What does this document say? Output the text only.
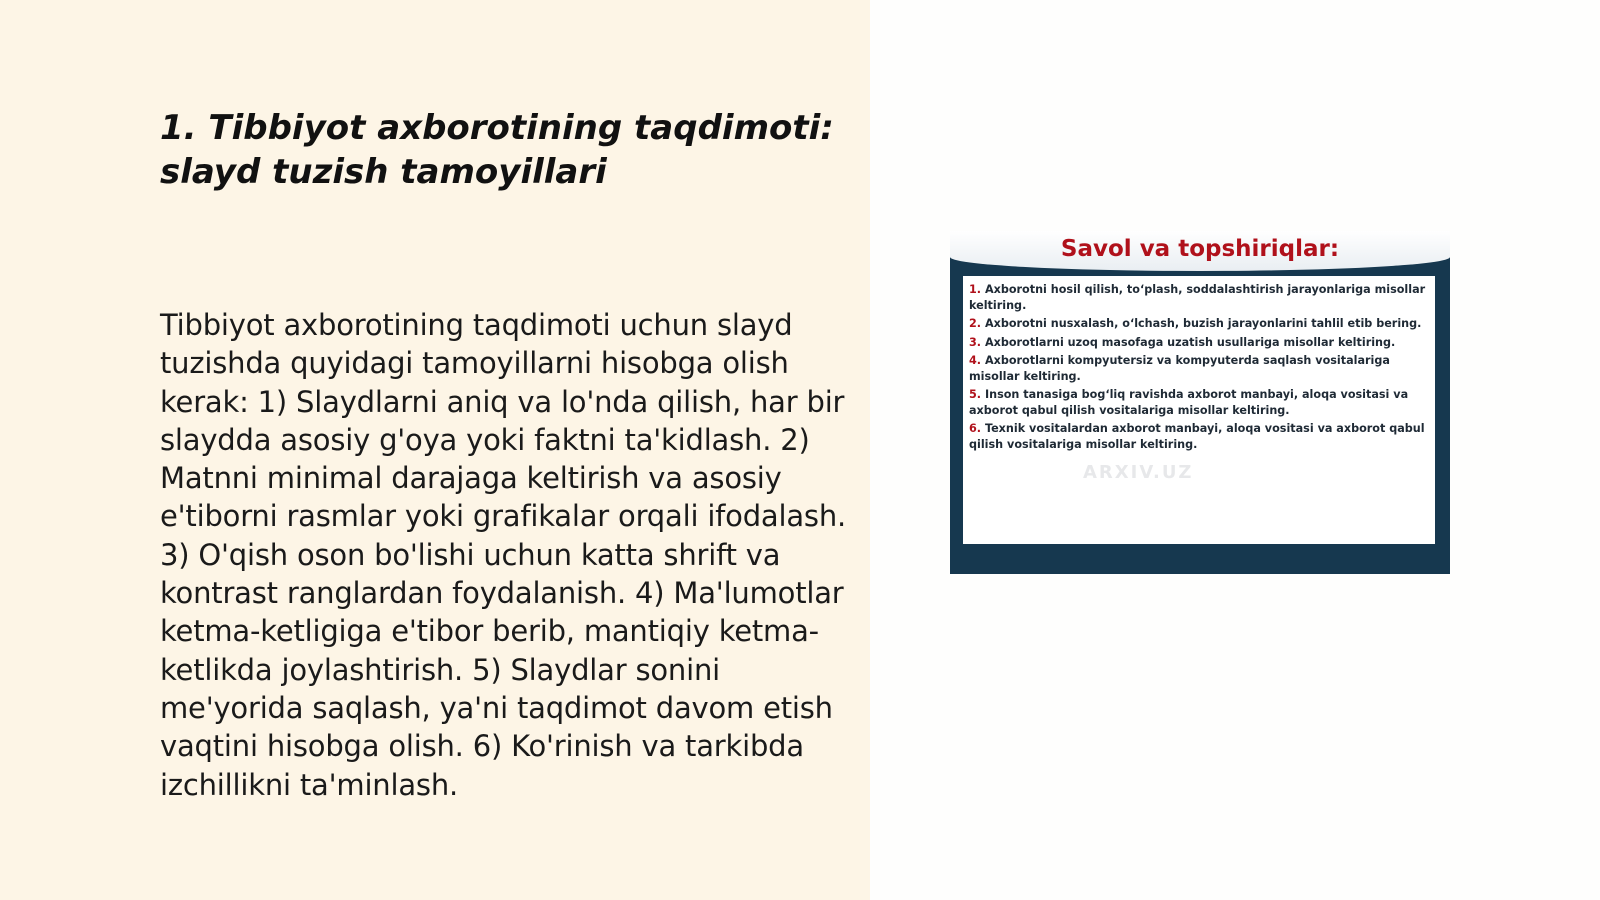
1. Tibbiyot axborotining taqdimoti: slayd tuzish tamoyillari

Tibbiyot axborotining taqdimoti uchun slayd tuzishda quyidagi tamoyillarni hisobga olish kerak: 1) Slaydlarni aniq va lo'nda qilish, har bir slaydda asosiy g'oya yoki faktni ta'kidlash. 2) Matnni minimal darajaga keltirish va asosiy e'tiborni rasmlar yoki grafikalar orqali ifodalash. 3) O'qish oson bo'lishi uchun katta shrift va kontrast ranglardan foydalanish. 4) Ma'lumotlar ketma-ketligiga e'tibor berib, mantiqiy ketma-ketlikda joylashtirish. 5) Slaydlar sonini me'yorida saqlash, ya'ni taqdimot davom etish vaqtini hisobga olish. 6) Ko'rinish va tarkibda izchillikni ta'minlash.

Savol va topshiriqlar:
1. Axborotni hosil qilish, to‘plash, soddalashtirish jarayonlariga misollar keltiring.
2. Axborotni nusxalash, o‘lchash, buzish jarayonlarini tahlil etib bering.
3. Axborotlarni uzoq masofaga uzatish usullariga misollar keltiring.
4. Axborotlarni kompyutersiz va kompyuterda saqlash vositalariga misollar keltiring.
5. Inson tanasiga bog‘liq ravishda axborot manbayi, aloqa vositasi va axborot qabul qilish vositalariga misollar keltiring.
6. Texnik vositalardan axborot manbayi, aloqa vositasi va axborot qabul qilish vositalariga misollar keltiring.
ARXIV.UZ
